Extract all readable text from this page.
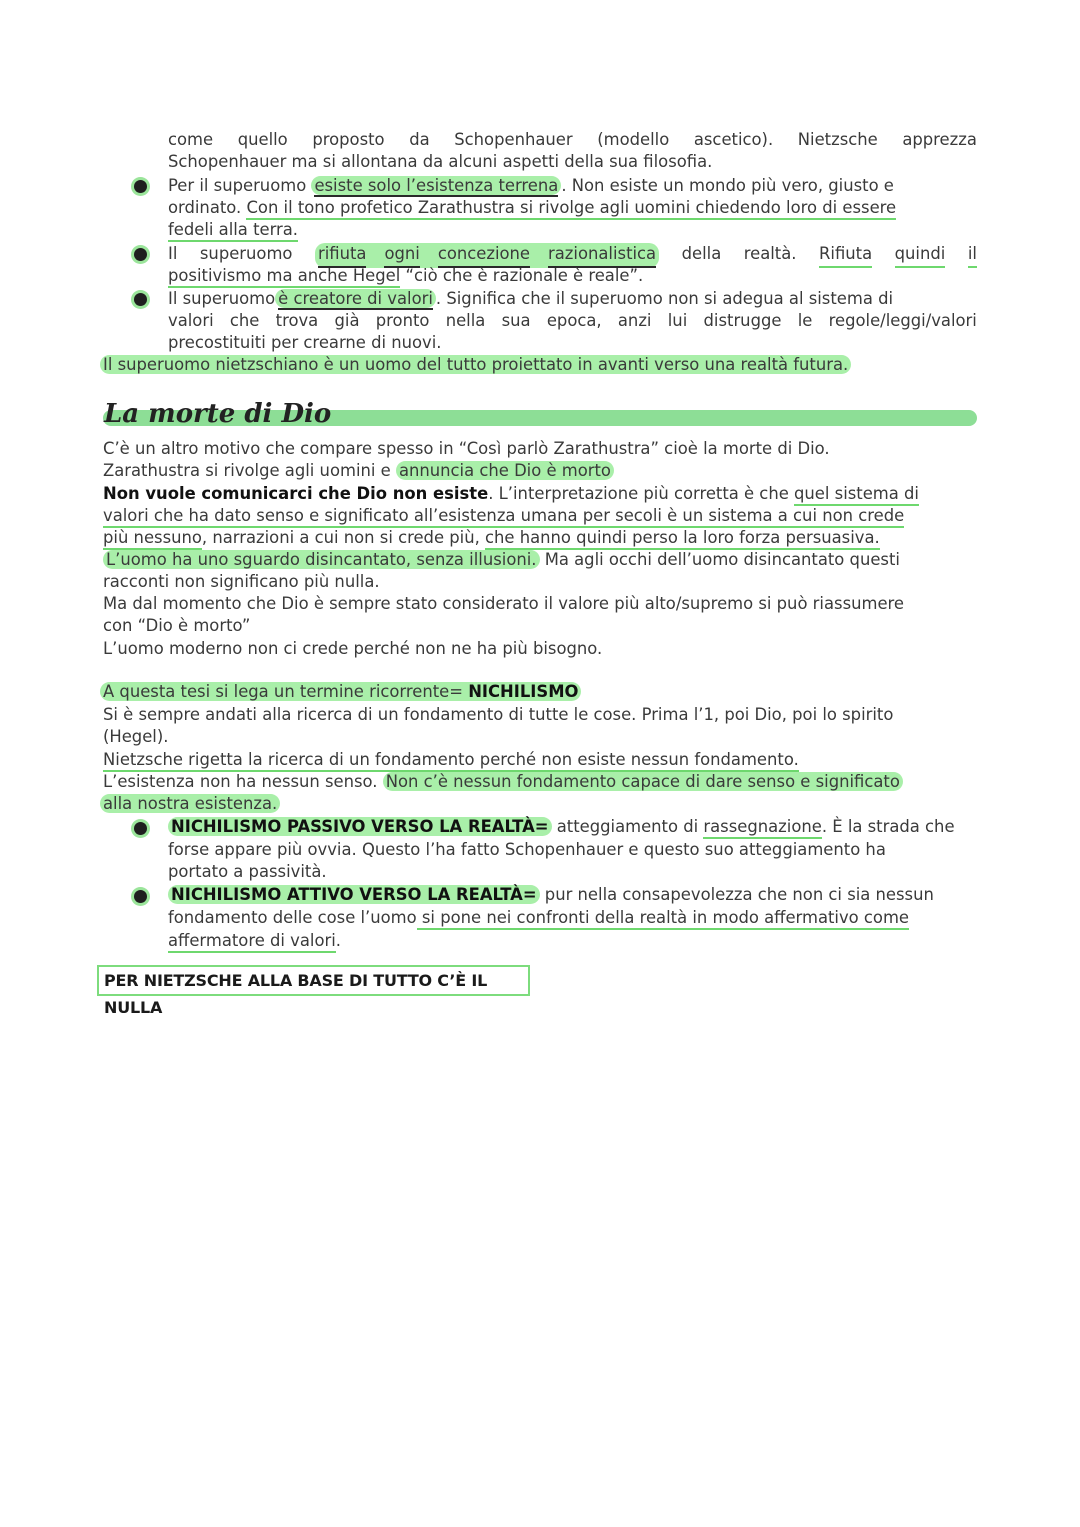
come quello proposto da Schopenhauer (modello ascetico). Nietzsche apprezza
Schopenhauer ma si allontana da alcuni aspetti della sua filosofia.
Per il superuomo esiste solo l’esistenza terrena . Non esiste un mondo più vero, giusto e
ordinato. Con il tono profetico Zarathustra si rivolge agli uomini chiedendo loro di essere
fedeli alla terra.
Il superuomo rifiuta ogni concezione razionalistica della realtà. Rifiuta quindi il
positivismo ma anche Hegel “ciò che è razionale è reale”.
Il superuomo è creatore di valori . Significa che il superuomo non si adegua al sistema di
valori che trova già pronto nella sua epoca, anzi lui distrugge le regole/leggi/valori
precostituiti per crearne di nuovi.
Il superuomo nietzschiano è un uomo del tutto proiettato in avanti verso una realtà futura.
La morte di Dio
C’è un altro motivo che compare spesso in “Così parlò Zarathustra” cioè la morte di Dio.
Zarathustra si rivolge agli uomini e annuncia che Dio è morto
Non vuole comunicarci che Dio non esiste. L’interpretazione più corretta è che quel sistema di
valori che ha dato senso e significato all’esistenza umana per secoli è un sistema a cui non crede
più nessuno, narrazioni a cui non si crede più, che hanno quindi perso la loro forza persuasiva.
L’uomo ha uno sguardo disincantato, senza illusioni. Ma agli occhi dell’uomo disincantato questi
racconti non significano più nulla.
Ma dal momento che Dio è sempre stato considerato il valore più alto/supremo si può riassumere
con “Dio è morto”
L’uomo moderno non ci crede perché non ne ha più bisogno.
A questa tesi si lega un termine ricorrente= NICHILISMO
Si è sempre andati alla ricerca di un fondamento di tutte le cose. Prima l’1, poi Dio, poi lo spirito
(Hegel).
Nietzsche rigetta la ricerca di un fondamento perché non esiste nessun fondamento.
L’esistenza non ha nessun senso. Non c’è nessun fondamento capace di dare senso e significato
alla nostra esistenza.
NICHILISMO PASSIVO VERSO LA REALTÀ= atteggiamento di rassegnazione. È la strada che
forse appare più ovvia. Questo l’ha fatto Schopenhauer e questo suo atteggiamento ha
portato a passività.
NICHILISMO ATTIVO VERSO LA REALTÀ= pur nella consapevolezza che non ci sia nessun
fondamento delle cose l’uomo si pone nei confronti della realtà in modo affermativo come
affermatore di valori.
PER NIETZSCHE ALLA BASE DI TUTTO C’È IL NULLA
